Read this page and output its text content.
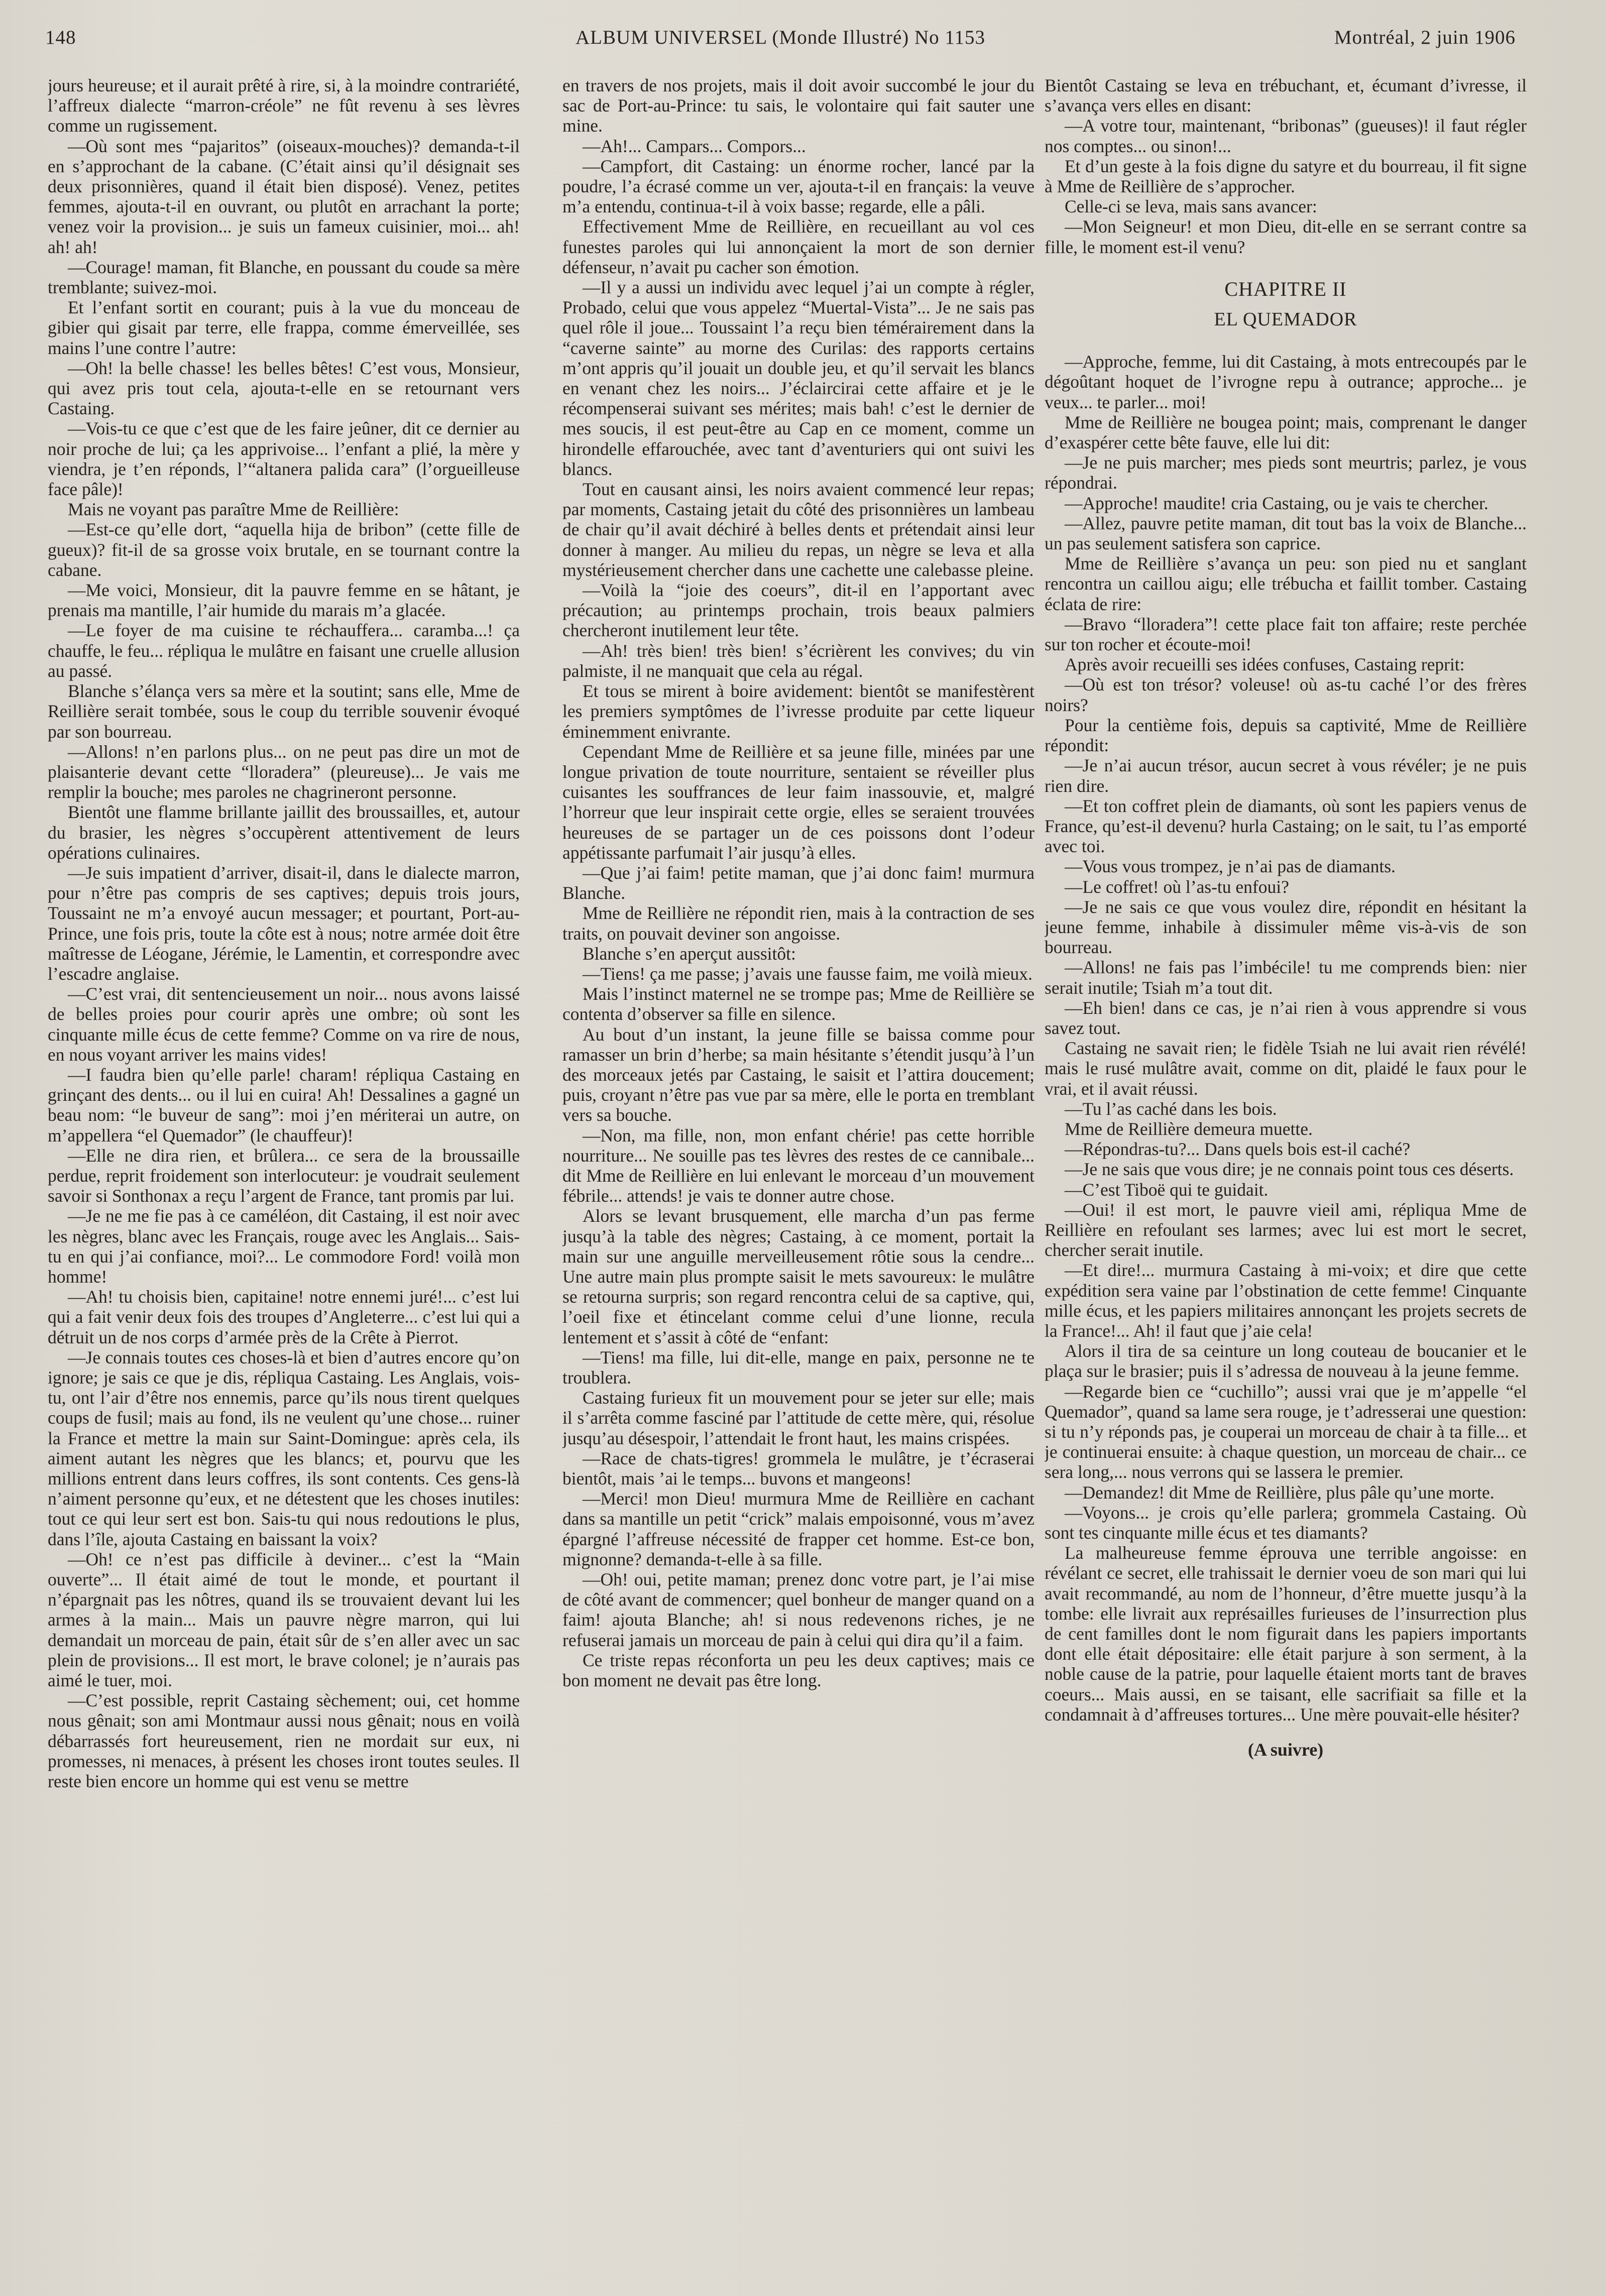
148	ALBUM UNIVERSEL (Monde Illustré) No 1153	Montréal, 2 juin 1906

jours heureuse; et il aurait prêté à rire, si, à la moindre contrariété, l’affreux dialecte “marron-créole” ne fût revenu à ses lèvres comme un rugissement.

—Où sont mes “pajaritos” (oiseaux-mouches)? demanda-t-il en s’approchant de la cabane. (C’était ainsi qu’il désignait ses deux prisonnières, quand il était bien disposé). Venez, petites femmes, ajouta-t-il en ouvrant, ou plutôt en arrachant la porte; venez voir la provision... je suis un fameux cuisinier, moi... ah! ah! ah!

—Courage! maman, fit Blanche, en poussant du coude sa mère tremblante; suivez-moi.

Et l’enfant sortit en courant; puis à la vue du monceau de gibier qui gisait par terre, elle frappa, comme émerveillée, ses mains l’une contre l’autre:

—Oh! la belle chasse! les belles bêtes! C’est vous, Monsieur, qui avez pris tout cela, ajouta-t-elle en se retournant vers Castaing.

—Vois-tu ce que c’est que de les faire jeûner, dit ce dernier au noir proche de lui; ça les apprivoise... l’enfant a plié, la mère y viendra, je t’en réponds, l’“altanera palida cara” (l’orgueilleuse face pâle)!

Mais ne voyant pas paraître Mme de Reillière:

—Est-ce qu’elle dort, “aquella hija de bribon” (cette fille de gueux)? fit-il de sa grosse voix brutale, en se tournant contre la cabane.

—Me voici, Monsieur, dit la pauvre femme en se hâtant, je prenais ma mantille, l’air humide du marais m’a glacée.

—Le foyer de ma cuisine te réchauffera... caramba...! ça chauffe, le feu... répliqua le mulâtre en faisant une cruelle allusion au passé.

Blanche s’élança vers sa mère et la soutint; sans elle, Mme de Reillière serait tombée, sous le coup du terrible souvenir évoqué par son bourreau.

—Allons! n’en parlons plus... on ne peut pas dire un mot de plaisanterie devant cette “lloradera” (pleureuse)... Je vais me remplir la bouche; mes paroles ne chagrineront personne.

Bientôt une flamme brillante jaillit des broussailles, et, autour du brasier, les nègres s’occupèrent attentivement de leurs opérations culinaires.

—Je suis impatient d’arriver, disait-il, dans le dialecte marron, pour n’être pas compris de ses captives; depuis trois jours, Toussaint ne m’a envoyé aucun messager; et pourtant, Port-au-Prince, une fois pris, toute la côte est à nous; notre armée doit être maîtresse de Léogane, Jérémie, le Lamentin, et correspondre avec l’escadre anglaise.

—C’est vrai, dit sentencieusement un noir... nous avons laissé de belles proies pour courir après une ombre; où sont les cinquante mille écus de cette femme? Comme on va rire de nous, en nous voyant arriver les mains vides!

—I faudra bien qu’elle parle! charam! répliqua Castaing en grinçant des dents... ou il lui en cuira! Ah! Dessalines a gagné un beau nom: “le buveur de sang”: moi j’en mériterai un autre, on m’appellera “el Quemador” (le chauffeur)!

—Elle ne dira rien, et brûlera... ce sera de la broussaille perdue, reprit froidement son interlocuteur: je voudrait seulement savoir si Sonthonax a reçu l’argent de France, tant promis par lui.

—Je ne me fie pas à ce caméléon, dit Castaing, il est noir avec les nègres, blanc avec les Français, rouge avec les Anglais... Sais-tu en qui j’ai confiance, moi?... Le commodore Ford! voilà mon homme!

—Ah! tu choisis bien, capitaine! notre ennemi juré!... c’est lui qui a fait venir deux fois des troupes d’Angleterre... c’est lui qui a détruit un de nos corps d’armée près de la Crête à Pierrot.

—Je connais toutes ces choses-là et bien d’autres encore qu’on ignore; je sais ce que je dis, répliqua Castaing. Les Anglais, vois-tu, ont l’air d’être nos ennemis, parce qu’ils nous tirent quelques coups de fusil; mais au fond, ils ne veulent qu’une chose... ruiner la France et mettre la main sur Saint-Domingue: après cela, ils aiment autant les nègres que les blancs; et, pourvu que les millions entrent dans leurs coffres, ils sont contents. Ces gens-là n’aiment personne qu’eux, et ne détestent que les choses inutiles: tout ce qui leur sert est bon. Sais-tu qui nous redoutions le plus, dans l’île, ajouta Castaing en baissant la voix?

—Oh! ce n’est pas difficile à deviner... c’est la “Main ouverte”... Il était aimé de tout le monde, et pourtant il n’épargnait pas les nôtres, quand ils se trouvaient devant lui les armes à la main... Mais un pauvre nègre marron, qui lui demandait un morceau de pain, était sûr de s’en aller avec un sac plein de provisions... Il est mort, le brave colonel; je n’aurais pas aimé le tuer, moi.

—C’est possible, reprit Castaing sèchement; oui, cet homme nous gênait; son ami Montmaur aussi nous gênait; nous en voilà débarrassés fort heureusement, rien ne mordait sur eux, ni promesses, ni menaces, à présent les choses iront toutes seules. Il reste bien encore un homme qui est venu se mettre

en travers de nos projets, mais il doit avoir succombé le jour du sac de Port-au-Prince: tu sais, le volontaire qui fait sauter une mine.

—Ah!... Campars... Compors...

—Campfort, dit Castaing: un énorme rocher, lancé par la poudre, l’a écrasé comme un ver, ajouta-t-il en français: la veuve m’a entendu, continua-t-il à voix basse; regarde, elle a pâli.

Effectivement Mme de Reillière, en recueillant au vol ces funestes paroles qui lui annonçaient la mort de son dernier défenseur, n’avait pu cacher son émotion.

—Il y a aussi un individu avec lequel j’ai un compte à régler, Probado, celui que vous appelez “Muertal-Vista”... Je ne sais pas quel rôle il joue... Toussaint l’a reçu bien témérairement dans la “caverne sainte” au morne des Curilas: des rapports certains m’ont appris qu’il jouait un double jeu, et qu’il servait les blancs en venant chez les noirs... J’éclaircirai cette affaire et je le récompenserai suivant ses mérites; mais bah! c’est le dernier de mes soucis, il est peut-être au Cap en ce moment, comme un hirondelle effarouchée, avec tant d’aventuriers qui ont suivi les blancs.

Tout en causant ainsi, les noirs avaient commencé leur repas; par moments, Castaing jetait du côté des prisonnières un lambeau de chair qu’il avait déchiré à belles dents et prétendait ainsi leur donner à manger. Au milieu du repas, un nègre se leva et alla mystérieusement chercher dans une cachette une calebasse pleine.

—Voilà la “joie des coeurs”, dit-il en l’apportant avec précaution; au printemps prochain, trois beaux palmiers chercheront inutilement leur tête.

—Ah! très bien! très bien! s’écrièrent les convives; du vin palmiste, il ne manquait que cela au régal.

Et tous se mirent à boire avidement: bientôt se manifestèrent les premiers symptômes de l’ivresse produite par cette liqueur éminemment enivrante.

Cependant Mme de Reillière et sa jeune fille, minées par une longue privation de toute nourriture, sentaient se réveiller plus cuisantes les souffrances de leur faim inassouvie, et, malgré l’horreur que leur inspirait cette orgie, elles se seraient trouvées heureuses de se partager un de ces poissons dont l’odeur appétissante parfumait l’air jusqu’à elles.

—Que j’ai faim! petite maman, que j’ai donc faim! murmura Blanche.

Mme de Reillière ne répondit rien, mais à la contraction de ses traits, on pouvait deviner son angoisse.

Blanche s’en aperçut aussitôt:

—Tiens! ça me passe; j’avais une fausse faim, me voilà mieux.

Mais l’instinct maternel ne se trompe pas; Mme de Reillière se contenta d’observer sa fille en silence.

Au bout d’un instant, la jeune fille se baissa comme pour ramasser un brin d’herbe; sa main hésitante s’étendit jusqu’à l’un des morceaux jetés par Castaing, le saisit et l’attira doucement; puis, croyant n’être pas vue par sa mère, elle le porta en tremblant vers sa bouche.

—Non, ma fille, non, mon enfant chérie! pas cette horrible nourriture... Ne souille pas tes lèvres des restes de ce cannibale... dit Mme de Reillière en lui enlevant le morceau d’un mouvement fébrile... attends! je vais te donner autre chose.

Alors se levant brusquement, elle marcha d’un pas ferme jusqu’à la table des nègres; Castaing, à ce moment, portait la main sur une anguille merveilleusement rôtie sous la cendre... Une autre main plus prompte saisit le mets savoureux: le mulâtre se retourna surpris; son regard rencontra celui de sa captive, qui, l’oeil fixe et étincelant comme celui d’une lionne, recula lentement et s’assit à côté de “enfant:

—Tiens! ma fille, lui dit-elle, mange en paix, personne ne te troublera.

Castaing furieux fit un mouvement pour se jeter sur elle; mais il s’arrêta comme fasciné par l’attitude de cette mère, qui, résolue jusqu’au désespoir, l’attendait le front haut, les mains crispées.

—Race de chats-tigres! grommela le mulâtre, je t’écraserai bientôt, mais ’ai le temps... buvons et mangeons!

—Merci! mon Dieu! murmura Mme de Reillière en cachant dans sa mantille un petit “crick” malais empoisonné, vous m’avez épargné l’affreuse nécessité de frapper cet homme. Est-ce bon, mignonne? demanda-t-elle à sa fille.

—Oh! oui, petite maman; prenez donc votre part, je l’ai mise de côté avant de commencer; quel bonheur de manger quand on a faim! ajouta Blanche; ah! si nous redevenons riches, je ne refuserai jamais un morceau de pain à celui qui dira qu’il a faim.

Ce triste repas réconforta un peu les deux captives; mais ce bon moment ne devait pas être long.

Bientôt Castaing se leva en trébuchant, et, écumant d’ivresse, il s’avança vers elles en disant:

—A votre tour, maintenant, “bribonas” (gueuses)! il faut régler nos comptes... ou sinon!...

Et d’un geste à la fois digne du satyre et du bourreau, il fit signe à Mme de Reillière de s’approcher.

Celle-ci se leva, mais sans avancer:

—Mon Seigneur! et mon Dieu, dit-elle en se serrant contre sa fille, le moment est-il venu?

CHAPITRE II
EL QUEMADOR

—Approche, femme, lui dit Castaing, à mots entrecoupés par le dégoûtant hoquet de l’ivrogne repu à outrance; approche... je veux... te parler... moi!

Mme de Reillière ne bougea point; mais, comprenant le danger d’exaspérer cette bête fauve, elle lui dit:

—Je ne puis marcher; mes pieds sont meurtris; parlez, je vous répondrai.

—Approche! maudite! cria Castaing, ou je vais te chercher.

—Allez, pauvre petite maman, dit tout bas la voix de Blanche... un pas seulement satisfera son caprice.

Mme de Reillière s’avança un peu: son pied nu et sanglant rencontra un caillou aigu; elle trébucha et faillit tomber. Castaing éclata de rire:

—Bravo “lloradera”! cette place fait ton affaire; reste perchée sur ton rocher et écoute-moi!

Après avoir recueilli ses idées confuses, Castaing reprit:

—Où est ton trésor? voleuse! où as-tu caché l’or des frères noirs?

Pour la centième fois, depuis sa captivité, Mme de Reillière répondit:

—Je n’ai aucun trésor, aucun secret à vous révéler; je ne puis rien dire.

—Et ton coffret plein de diamants, où sont les papiers venus de France, qu’est-il devenu? hurla Castaing; on le sait, tu l’as emporté avec toi.

—Vous vous trompez, je n’ai pas de diamants.

—Le coffret! où l’as-tu enfoui?

—Je ne sais ce que vous voulez dire, répondit en hésitant la jeune femme, inhabile à dissimuler même vis-à-vis de son bourreau.

—Allons! ne fais pas l’imbécile! tu me comprends bien: nier serait inutile; Tsiah m’a tout dit.

—Eh bien! dans ce cas, je n’ai rien à vous apprendre si vous savez tout.

Castaing ne savait rien; le fidèle Tsiah ne lui avait rien révélé! mais le rusé mulâtre avait, comme on dit, plaidé le faux pour le vrai, et il avait réussi.

—Tu l’as caché dans les bois.

Mme de Reillière demeura muette.

—Répondras-tu?... Dans quels bois est-il caché?

—Je ne sais que vous dire; je ne connais point tous ces déserts.

—C’est Tiboë qui te guidait.

—Oui! il est mort, le pauvre vieil ami, répliqua Mme de Reillière en refoulant ses larmes; avec lui est mort le secret, chercher serait inutile.

—Et dire!... murmura Castaing à mi-voix; et dire que cette expédition sera vaine par l’obstination de cette femme! Cinquante mille écus, et les papiers militaires annonçant les projets secrets de la France!... Ah! il faut que j’aie cela!

Alors il tira de sa ceinture un long couteau de boucanier et le plaça sur le brasier; puis il s’adressa de nouveau à la jeune femme.

—Regarde bien ce “cuchillo”; aussi vrai que je m’appelle “el Quemador”, quand sa lame sera rouge, je t’adresserai une question: si tu n’y réponds pas, je couperai un morceau de chair à ta fille... et je continuerai ensuite: à chaque question, un morceau de chair... ce sera long,... nous verrons qui se lassera le premier.

—Demandez! dit Mme de Reillière, plus pâle qu’une morte.

—Voyons... je crois qu’elle parlera; grommela Castaing. Où sont tes cinquante mille écus et tes diamants?

La malheureuse femme éprouva une terrible angoisse: en révélant ce secret, elle trahissait le dernier voeu de son mari qui lui avait recommandé, au nom de l’honneur, d’être muette jusqu’à la tombe: elle livrait aux représailles furieuses de l’insurrection plus de cent familles dont le nom figurait dans les papiers importants dont elle était dépositaire: elle était parjure à son serment, à la noble cause de la patrie, pour laquelle étaient morts tant de braves coeurs... Mais aussi, en se taisant, elle sacrifiait sa fille et la condamnait à d’affreuses tortures... Une mère pouvait-elle hésiter?

(A suivre)
